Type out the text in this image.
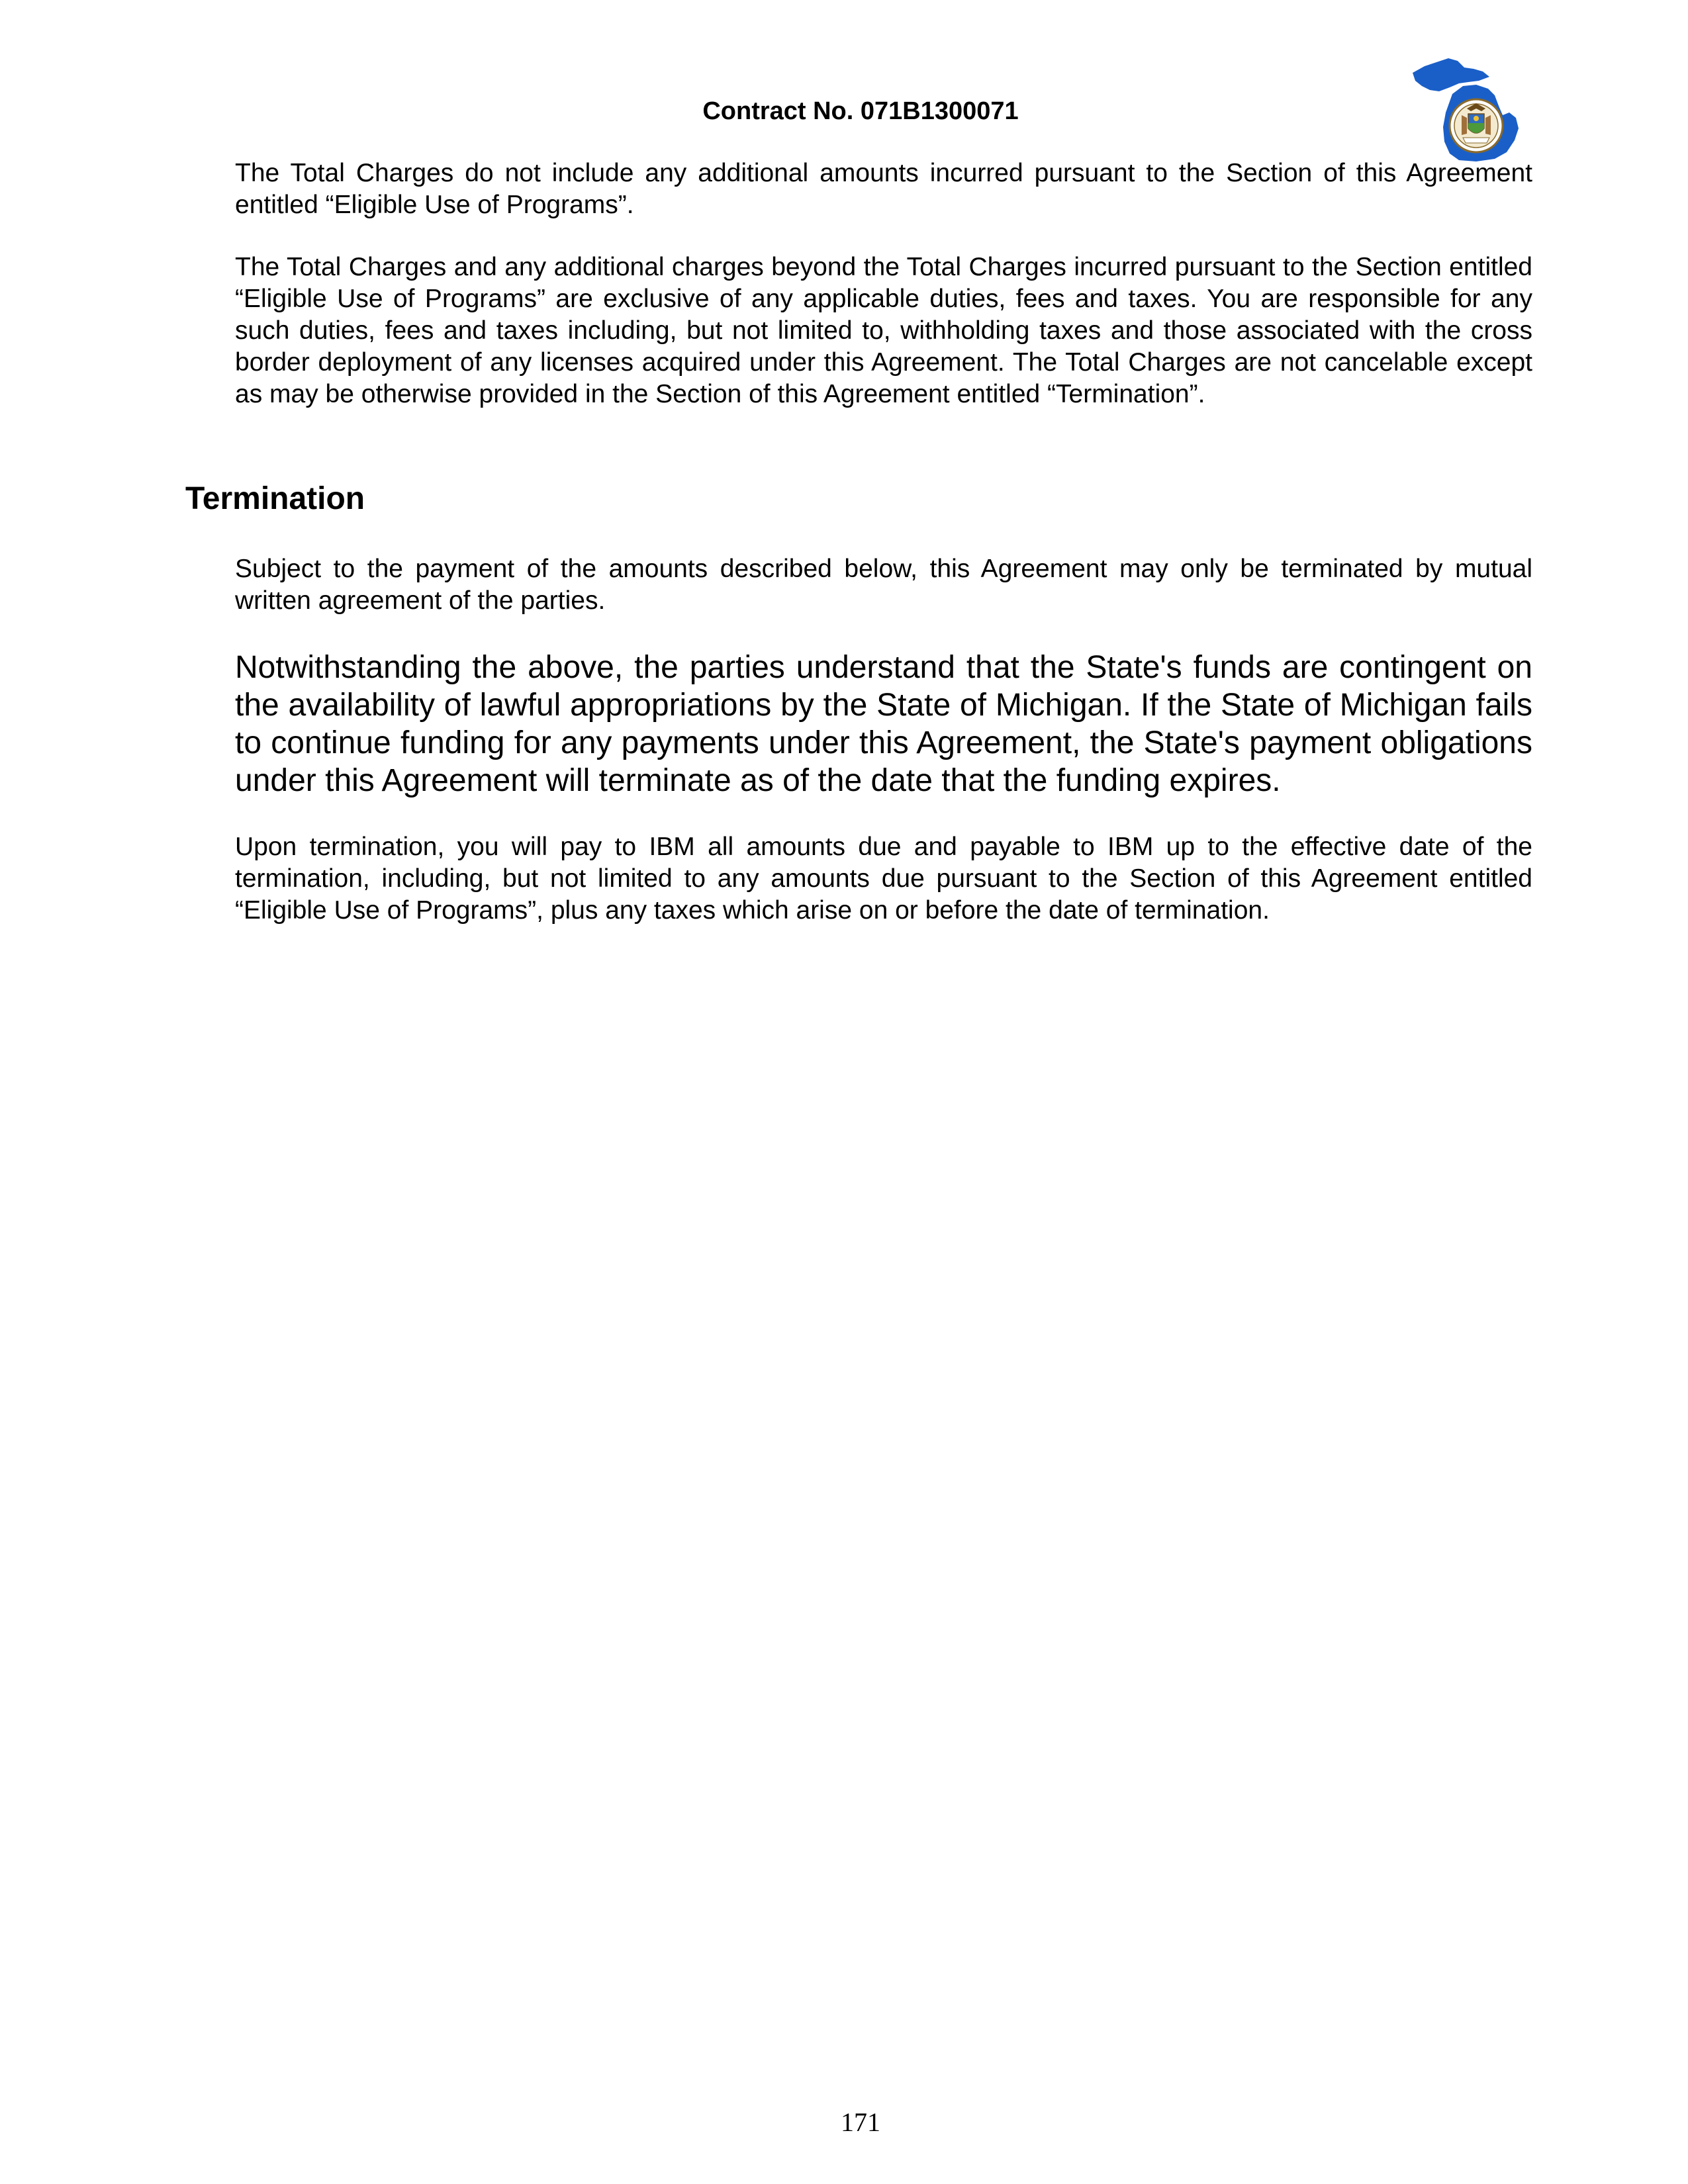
Contract No. 071B1300071

The Total Charges do not include any additional amounts incurred pursuant to the Section of this Agreement entitled “Eligible Use of Programs”.

The Total Charges and any additional charges beyond the Total Charges incurred pursuant to the Section entitled “Eligible Use of Programs” are exclusive of any applicable duties, fees and taxes. You are responsible for any such duties, fees and taxes including, but not limited to, withholding taxes and those associated with the cross border deployment of any licenses acquired under this Agreement. The Total Charges are not cancelable except as may be otherwise provided in the Section of this Agreement entitled “Termination”.

Termination

Subject to the payment of the amounts described below, this Agreement may only be terminated by mutual written agreement of the parties.

Notwithstanding the above, the parties understand that the State's funds are contingent on the availability of lawful appropriations by the State of Michigan. If the State of Michigan fails to continue funding for any payments under this Agreement, the State's payment obligations under this Agreement will terminate as of the date that the funding expires.

Upon termination, you will pay to IBM all amounts due and payable to IBM up to the effective date of the termination, including, but not limited to any amounts due pursuant to the Section of this Agreement entitled “Eligible Use of Programs”, plus any taxes which arise on or before the date of termination.

171
